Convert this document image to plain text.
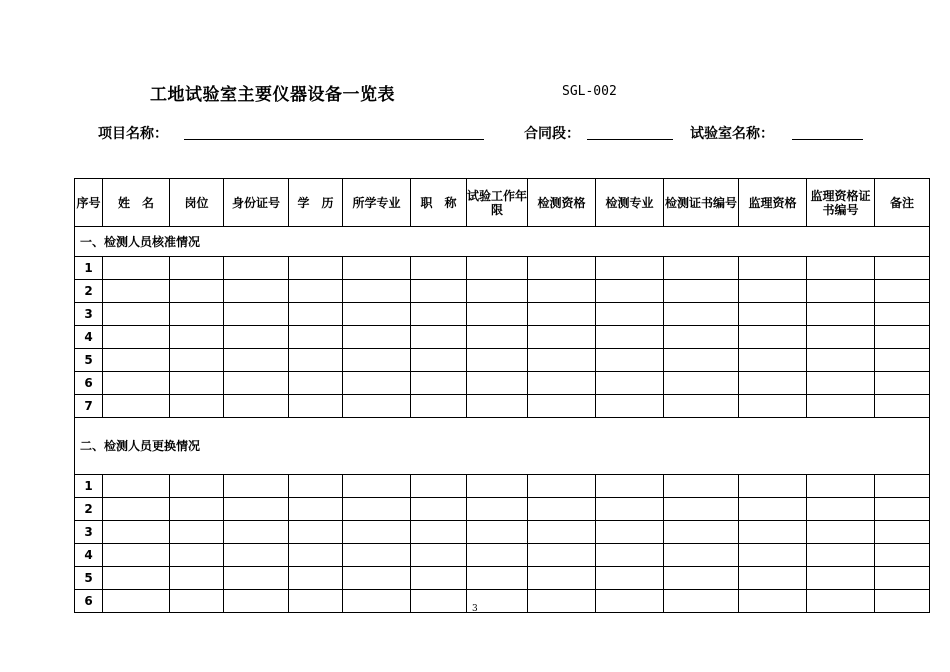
工地试验室主要仪器设备一览表	SGL-002
项目名称：	合同段：	试验室名称：
序号	姓　名	岗位	身份证号	学　历	所学专业	职　称	试验工作年限	检测资格	检测专业	检测证书编号	监理资格	监理资格证书编号	备注
一、检测人员核准情况													
1													
2													
3													
4													
5													
6													
7													
二、检测人员更换情况													
1													
2													
3													
4													
5													
6													
3
